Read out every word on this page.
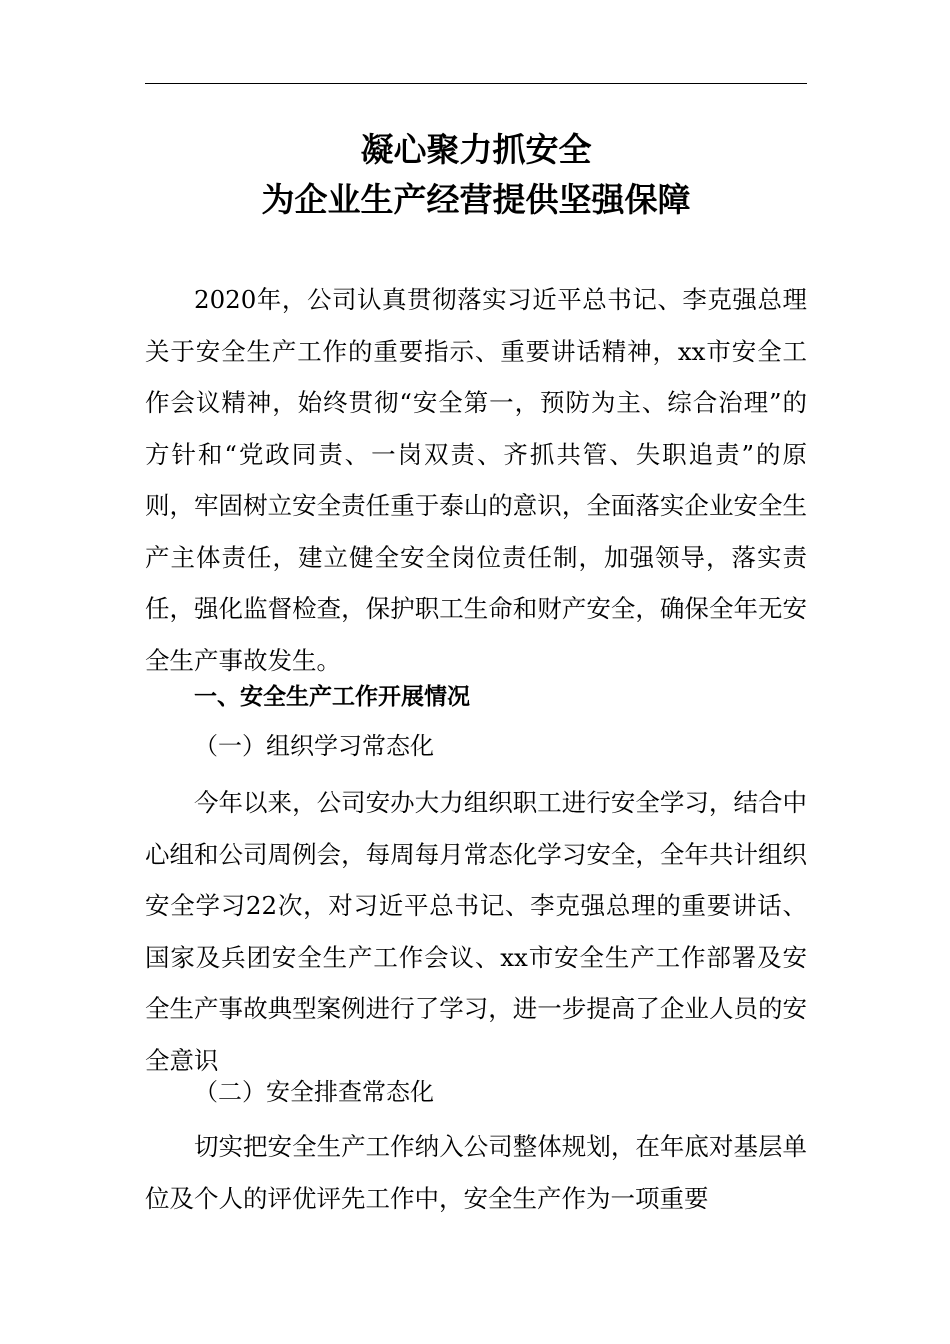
凝心聚力抓安全
为企业生产经营提供坚强保障

2020年，公司认真贯彻落实习近平总书记、李克强总理关于安全生产工作的重要指示、重要讲话精神，xx市安全工作会议精神，始终贯彻“安全第一，预防为主、综合治理”的方针和“党政同责、一岗双责、齐抓共管、失职追责”的原则，牢固树立安全责任重于泰山的意识，全面落实企业安全生产主体责任，建立健全安全岗位责任制，加强领导，落实责任，强化监督检查，保护职工生命和财产安全，确保全年无安全生产事故发生。

一、安全生产工作开展情况
（一）组织学习常态化

今年以来，公司安办大力组织职工进行安全学习，结合中心组和公司周例会，每周每月常态化学习安全，全年共计组织安全学习22次，对习近平总书记、李克强总理的重要讲话、国家及兵团安全生产工作会议、xx市安全生产工作部署及安全生产事故典型案例进行了学习，进一步提高了企业人员的安全意识

（二）安全排查常态化

切实把安全生产工作纳入公司整体规划，在年底对基层单位及个人的评优评先工作中，安全生产作为一项重要
